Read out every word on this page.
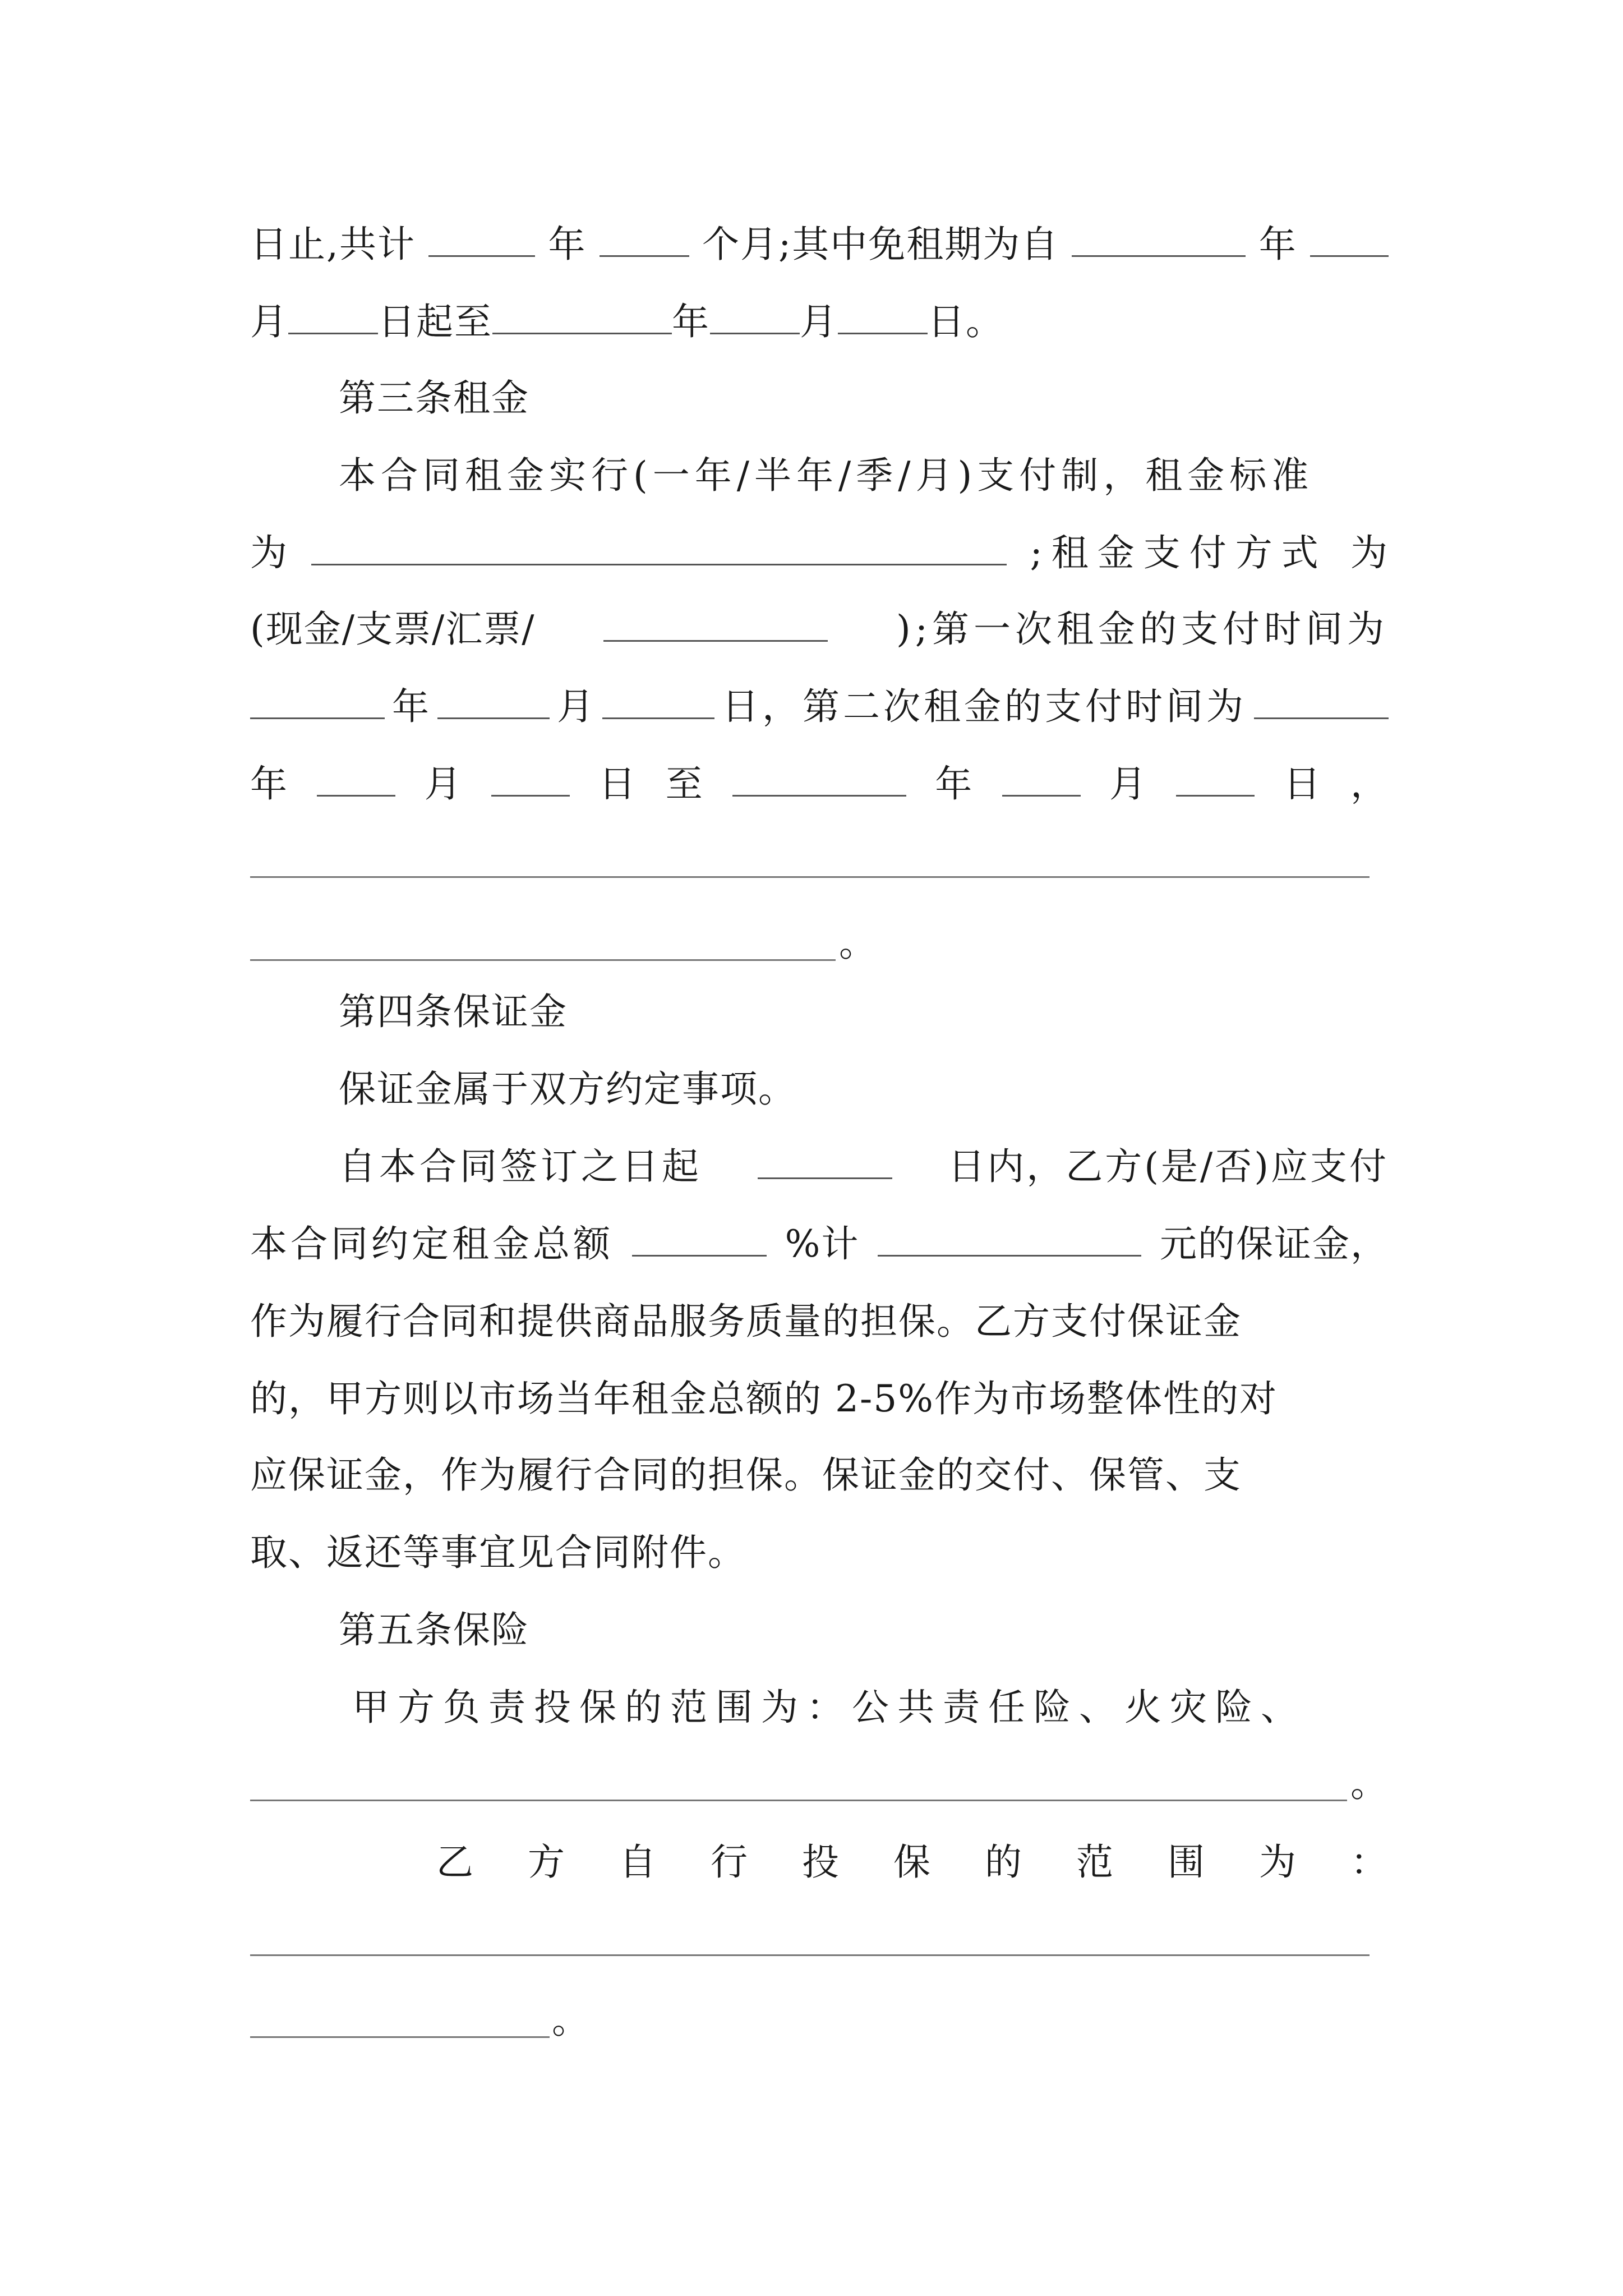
日止,共计	年	个月;其中免租期为自	年
月 日起至	年 月 日。
第三条租金
本合同租金实行(一年/半年/季/月)支付制，租金标准
为	;租金支付方式 为
(现金/支票/汇票/	);第一次租金的支付时间为
年	月	日，第二次租金的支付时间为
年	月	日 至	年	月	日 ，
。
第四条保证金
保证金属于双方约定事项。
自本合同签订之日起	日内，乙方(是/否)应支付
本合同约定租金总额	%计	元的保证金，
作为履行合同和提供商品服务质量的担保。乙方支付保证金
的，甲方则以市场当年租金总额的 2-5%作为市场整体性的对
应保证金，作为履行合同的担保。保证金的交付、保管、支
取、返还等事宜见合同附件。
第五条保险
甲方负责投保的范围为：公共责任险、火灾险、
。
乙 方 自 行 投 保 的 范 围 为 ：
。
